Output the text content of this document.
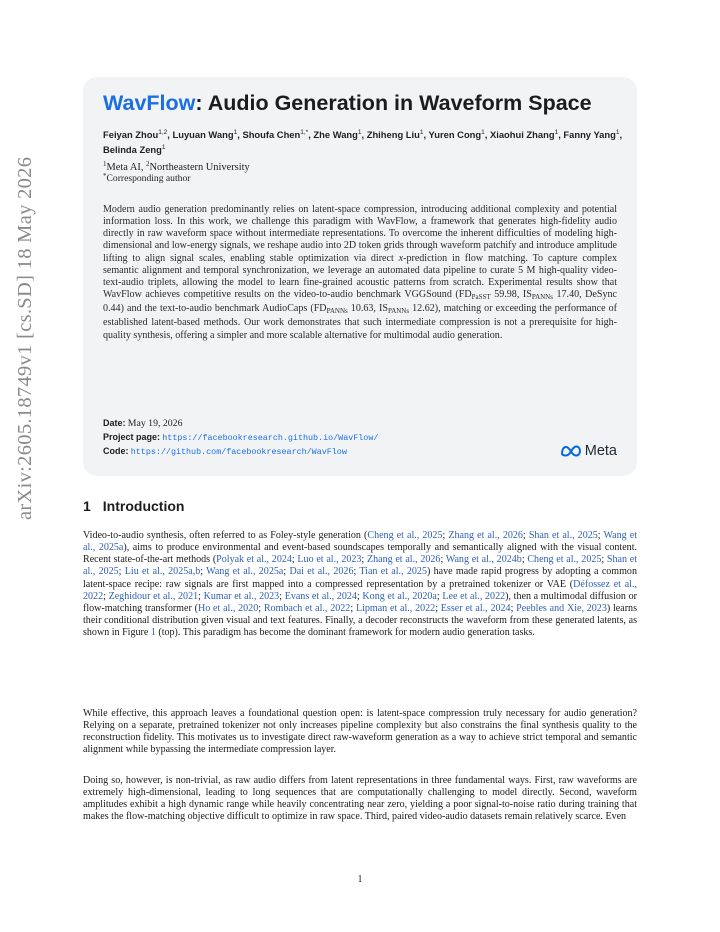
arXiv:2605.18749v1 [cs.SD] 18 May 2026
WavFlow: Audio Generation in Waveform Space
Feiyan Zhou$^{1,2}$, Luyuan Wang$^1$, Shoufa Chen$^{1,*}$, Zhe Wang$^1$, Zhiheng Liu$^1$, Yuren Cong$^1$, Xiaohui Zhang$^1$, Fanny Yang$^1$, Belinda Zeng$^1$
$^1$Meta AI, $^2$Northeastern University
*Corresponding author
Modern audio generation predominantly relies on latent-space compression, introducing additional complexity and potential information loss. In this work, we challenge this paradigm with WavFlow, a framework that generates high-fidelity audio directly in raw waveform space without intermediate representations. To overcome the inherent difficulties of modeling high-dimensional and low-energy signals, we reshape audio into 2D token grids through waveform patchify and introduce amplitude lifting to align signal scales, enabling stable optimization via direct x-prediction in flow matching. To capture complex semantic alignment and temporal synchronization, we leverage an automated data pipeline to curate 5 M high-quality video-text-audio triplets, allowing the model to learn fine-grained acoustic patterns from scratch. Experimental results show that WavFlow achieves competitive results on the video-to-audio benchmark VGGSound ($FD_{PaSST}$ 59.98, $IS_{PANNs}$ 17.40, DeSync 0.44) and the text-to-audio benchmark AudioCaps ($FD_{PANNs}$ 10.63, $IS_{PANNs}$ 12.62), matching or exceeding the performance of established latent-based methods. Our work demonstrates that such intermediate compression is not a prerequisite for high-quality synthesis, offering a simpler and more scalable alternative for multimodal audio generation.
Date: May 19, 2026
Project page: https://facebookresearch.github.io/WavFlow/
Code: https://github.com/facebookresearch/WavFlow	Meta
1 Introduction
Video-to-audio synthesis, often referred to as Foley-style generation (Cheng et al., 2025; Zhang et al., 2026; Shan et al., 2025; Wang et al., 2025a), aims to produce environmental and event-based soundscapes temporally and semantically aligned with the visual content. Recent state-of-the-art methods (Polyak et al., 2024; Luo et al., 2023; Zhang et al., 2026; Wang et al., 2024b; Cheng et al., 2025; Shan et al., 2025; Liu et al., 2025a,b; Wang et al., 2025a; Dai et al., 2026; Tian et al., 2025) have made rapid progress by adopting a common latent-space recipe: raw signals are first mapped into a compressed representation by a pretrained tokenizer or VAE (Défossez et al., 2022; Zeghidour et al., 2021; Kumar et al., 2023; Evans et al., 2024; Kong et al., 2020a; Lee et al., 2022), then a multimodal diffusion or flow-matching transformer (Ho et al., 2020; Rombach et al., 2022; Lipman et al., 2022; Esser et al., 2024; Peebles and Xie, 2023) learns their conditional distribution given visual and text features. Finally, a decoder reconstructs the waveform from these generated latents, as shown in Figure 1 (top). This paradigm has become the dominant framework for modern audio generation tasks.
While effective, this approach leaves a foundational question open: is latent-space compression truly necessary for audio generation? Relying on a separate, pretrained tokenizer not only increases pipeline complexity but also constrains the final synthesis quality to the reconstruction fidelity. This motivates us to investigate direct raw-waveform generation as a way to achieve strict temporal and semantic alignment while bypassing the intermediate compression layer.
Doing so, however, is non-trivial, as raw audio differs from latent representations in three fundamental ways. First, raw waveforms are extremely high-dimensional, leading to long sequences that are computationally challenging to model directly. Second, waveform amplitudes exhibit a high dynamic range while heavily concentrating near zero, yielding a poor signal-to-noise ratio during training that makes the flow-matching objective difficult to optimize in raw space. Third, paired video-audio datasets remain relatively scarce. Even
1
